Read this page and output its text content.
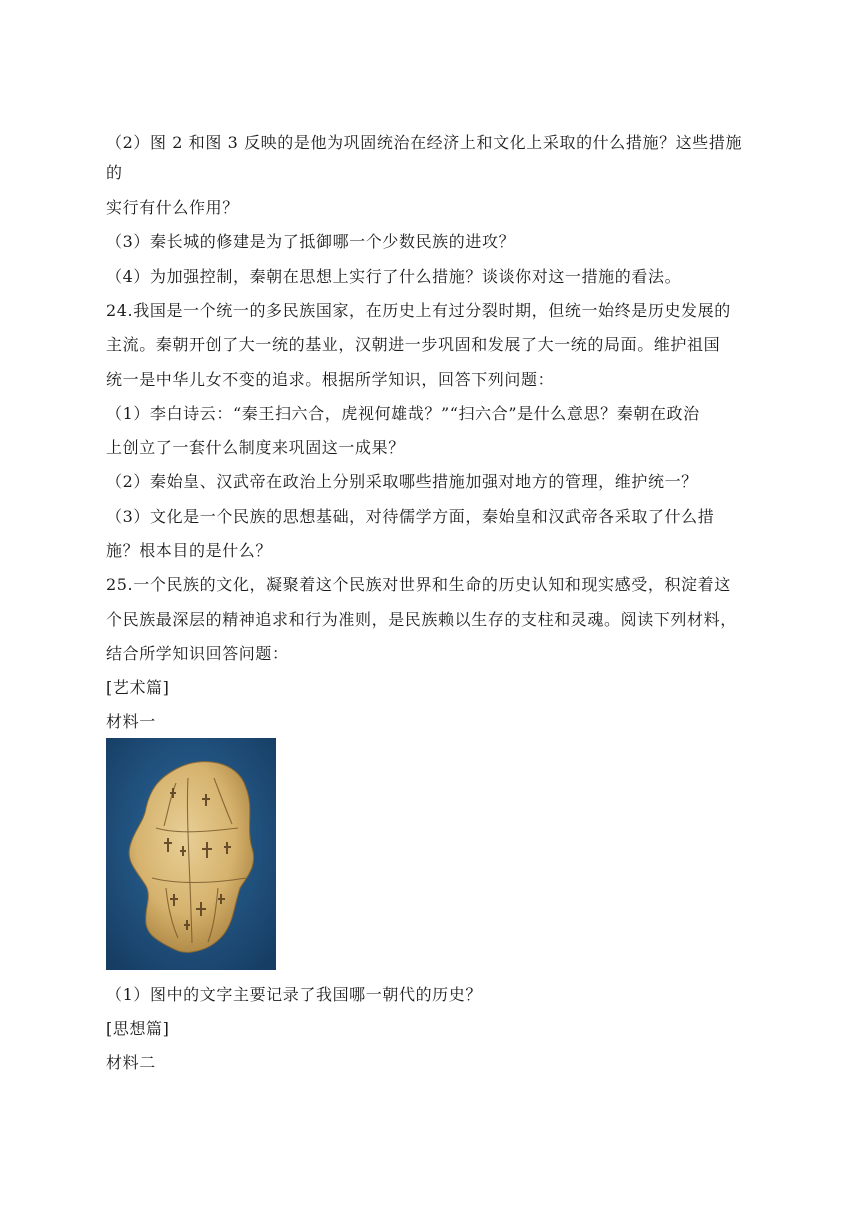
（2）图 2 和图 3 反映的是他为巩固统治在经济上和文化上采取的什么措施？这些措施
的
实行有什么作用？
（3）秦长城的修建是为了抵御哪一个少数民族的进攻？
（4）为加强控制，秦朝在思想上实行了什么措施？谈谈你对这一措施的看法。
24.我国是一个统一的多民族国家，在历史上有过分裂时期，但统一始终是历史发展的
主流。秦朝开创了大一统的基业，汉朝进一步巩固和发展了大一统的局面。维护祖国
统一是中华儿女不变的追求。根据所学知识，回答下列问题：
（1）李白诗云：“秦王扫六合，虎视何雄哉？”“扫六合”是什么意思？秦朝在政治
上创立了一套什么制度来巩固这一成果？
（2）秦始皇、汉武帝在政治上分别采取哪些措施加强对地方的管理，维护统一？
（3）文化是一个民族的思想基础，对待儒学方面，秦始皇和汉武帝各采取了什么措
施？根本目的是什么？
25.一个民族的文化，凝聚着这个民族对世界和生命的历史认知和现实感受，积淀着这
个民族最深层的精神追求和行为准则，是民族赖以生存的支柱和灵魂。阅读下列材料，
结合所学知识回答问题：
[艺术篇]
材料一
（1）图中的文字主要记录了我国哪一朝代的历史？
[思想篇]
材料二
